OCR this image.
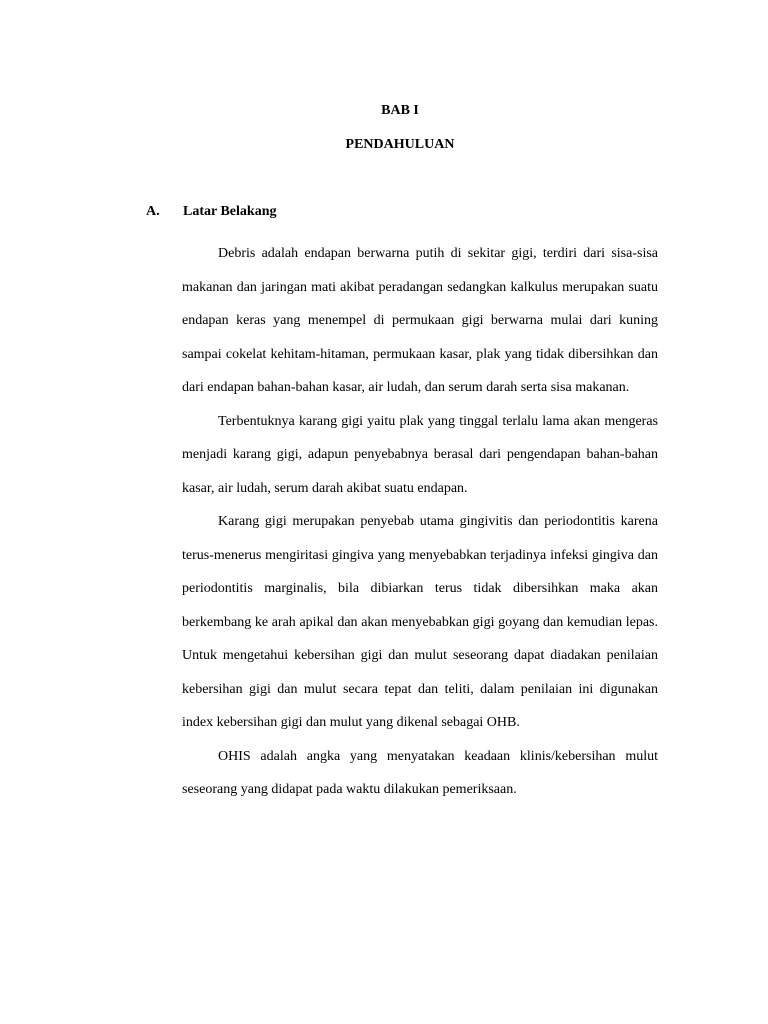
BAB I

PENDAHULUAN

A. Latar Belakang

Debris adalah endapan berwarna putih di sekitar gigi, terdiri dari sisa-sisa makanan dan jaringan mati akibat peradangan sedangkan kalkulus merupakan suatu endapan keras yang menempel di permukaan gigi berwarna mulai dari kuning sampai cokelat kehitam-hitaman, permukaan kasar, plak yang tidak dibersihkan dan dari endapan bahan-bahan kasar, air ludah, dan serum darah serta sisa makanan.

Terbentuknya karang gigi yaitu plak yang tinggal terlalu lama akan mengeras menjadi karang gigi, adapun penyebabnya berasal dari pengendapan bahan-bahan kasar, air ludah, serum darah akibat suatu endapan.

Karang gigi merupakan penyebab utama gingivitis dan periodontitis karena terus-menerus mengiritasi gingiva yang menyebabkan terjadinya infeksi gingiva dan periodontitis marginalis, bila dibiarkan terus tidak dibersihkan maka akan berkembang ke arah apikal dan akan menyebabkan gigi goyang dan kemudian lepas. Untuk mengetahui kebersihan gigi dan mulut seseorang dapat diadakan penilaian kebersihan gigi dan mulut secara tepat dan teliti, dalam penilaian ini digunakan index kebersihan gigi dan mulut yang dikenal sebagai OHB.

OHIS adalah angka yang menyatakan keadaan klinis/kebersihan mulut seseorang yang didapat pada waktu dilakukan pemeriksaan.
